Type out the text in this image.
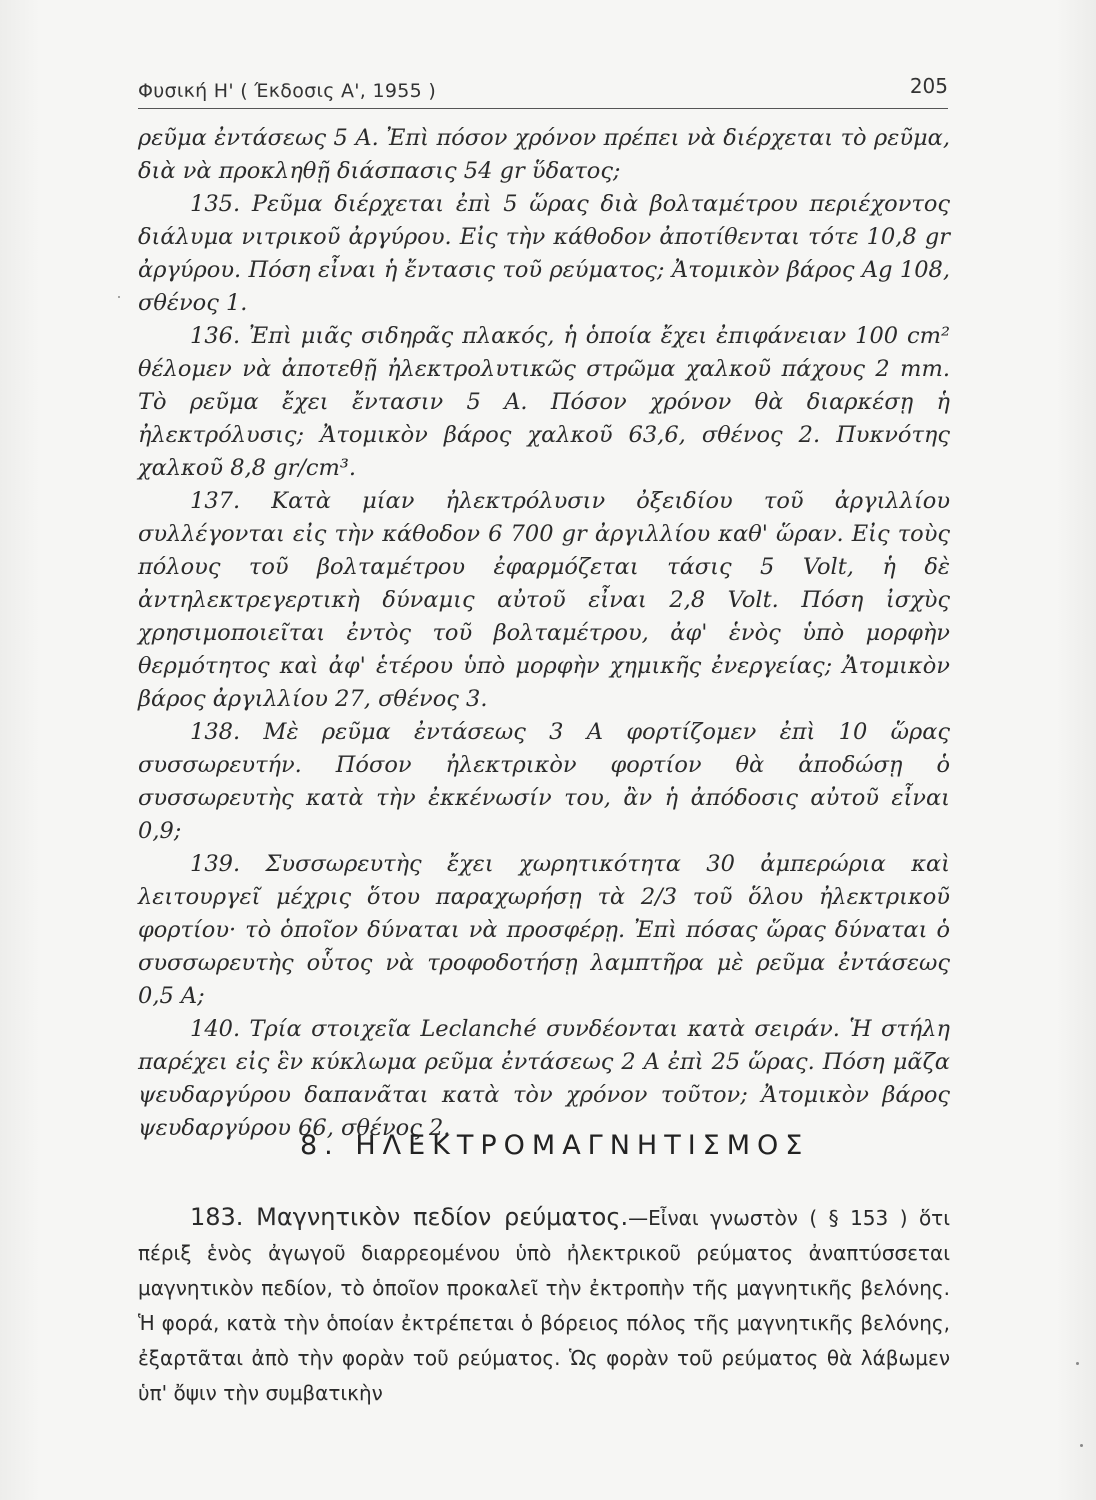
Φυσική Η' ( Έκδοσις Α', 1955 )	205

ρεῦμα ἐντάσεως 5 Α. Ἐπὶ πόσον χρόνον πρέπει νὰ διέρχεται τὸ ρεῦμα, διὰ νὰ προκληθῇ διάσπασις 54 gr ὕδατος;

135. Ρεῦμα διέρχεται ἐπὶ 5 ὥρας διὰ βολταμέτρου περιέχοντος διάλυμα νιτρικοῦ ἀργύρου. Εἰς τὴν κάθοδον ἀποτίθενται τότε 10,8 gr ἀργύρου. Πόση εἶναι ἡ ἔντασις τοῦ ρεύματος; Ἀτομικὸν βάρος Ag 108, σθένος 1.

136. Ἐπὶ μιᾶς σιδηρᾶς πλακός, ἡ ὁποία ἔχει ἐπιφάνειαν 100 cm² θέλομεν νὰ ἀποτεθῇ ἠλεκτρολυτικῶς στρῶμα χαλκοῦ πάχους 2 mm. Τὸ ρεῦμα ἔχει ἔντασιν 5 Α. Πόσον χρόνον θὰ διαρκέσῃ ἡ ἠλεκτρόλυσις; Ἀτομικὸν βάρος χαλκοῦ 63,6, σθένος 2. Πυκνότης χαλκοῦ 8,8 gr/cm³.

137. Κατὰ μίαν ἠλεκτρόλυσιν ὀξειδίου τοῦ ἀργιλλίου συλλέγονται εἰς τὴν κάθοδον 6 700 gr ἀργιλλίου καθ' ὥραν. Εἰς τοὺς πόλους τοῦ βολταμέτρου ἐφαρμόζεται τάσις 5 Volt, ἡ δὲ ἀντηλεκτρεγερτικὴ δύναμις αὐτοῦ εἶναι 2,8 Volt. Πόση ἰσχὺς χρησιμοποιεῖται ἐντὸς τοῦ βολταμέτρου, ἀφ' ἑνὸς ὑπὸ μορφὴν θερμότητος καὶ ἀφ' ἑτέρου ὑπὸ μορφὴν χημικῆς ἐνεργείας; Ἀτομικὸν βάρος ἀργιλλίου 27, σθένος 3.

138. Μὲ ρεῦμα ἐντάσεως 3 Α φορτίζομεν ἐπὶ 10 ὥρας συσσωρευτήν. Πόσον ἠλεκτρικὸν φορτίον θὰ ἀποδώσῃ ὁ συσσωρευτὴς κατὰ τὴν ἐκκένωσίν του, ἂν ἡ ἀπόδοσις αὐτοῦ εἶναι 0,9;

139. Συσσωρευτὴς ἔχει χωρητικότητα 30 ἀμπερώρια καὶ λειτουργεῖ μέχρις ὅτου παραχωρήσῃ τὰ 2/3 τοῦ ὅλου ἠλεκτρικοῦ φορτίου· τὸ ὁποῖον δύναται νὰ προσφέρῃ. Ἐπὶ πόσας ὥρας δύναται ὁ συσσωρευτὴς οὗτος νὰ τροφοδοτήσῃ λαμπτῆρα μὲ ρεῦμα ἐντάσεως 0,5 Α;

140. Τρία στοιχεῖα Leclanché συνδέονται κατὰ σειράν. Ἡ στήλη παρέχει εἰς ἓν κύκλωμα ρεῦμα ἐντάσεως 2 Α ἐπὶ 25 ὥρας. Πόση μᾶζα ψευδαργύρου δαπανᾶται κατὰ τὸν χρόνον τοῦτον; Ἀτομικὸν βάρος ψευδαργύρου 66, σθένος 2.

8. ΗΛΕΚΤΡΟΜΑΓΝΗΤΙΣΜΟΣ

183. Μαγνητικὸν πεδίον ρεύματος.—Εἶναι γνωστὸν ( § 153 ) ὅτι πέριξ ἑνὸς ἀγωγοῦ διαρρεομένου ὑπὸ ἠλεκτρικοῦ ρεύματος ἀναπτύσσεται μαγνητικὸν πεδίον, τὸ ὁποῖον προκαλεῖ τὴν ἐκτροπὴν τῆς μαγνητικῆς βελόνης. Ἡ φορά, κατὰ τὴν ὁποίαν ἐκτρέπεται ὁ βόρειος πόλος τῆς μαγνητικῆς βελόνης, ἐξαρτᾶται ἀπὸ τὴν φορὰν τοῦ ρεύματος. Ὡς φορὰν τοῦ ρεύματος θὰ λάβωμεν ὑπ' ὄψιν τὴν συμβατικὴν
